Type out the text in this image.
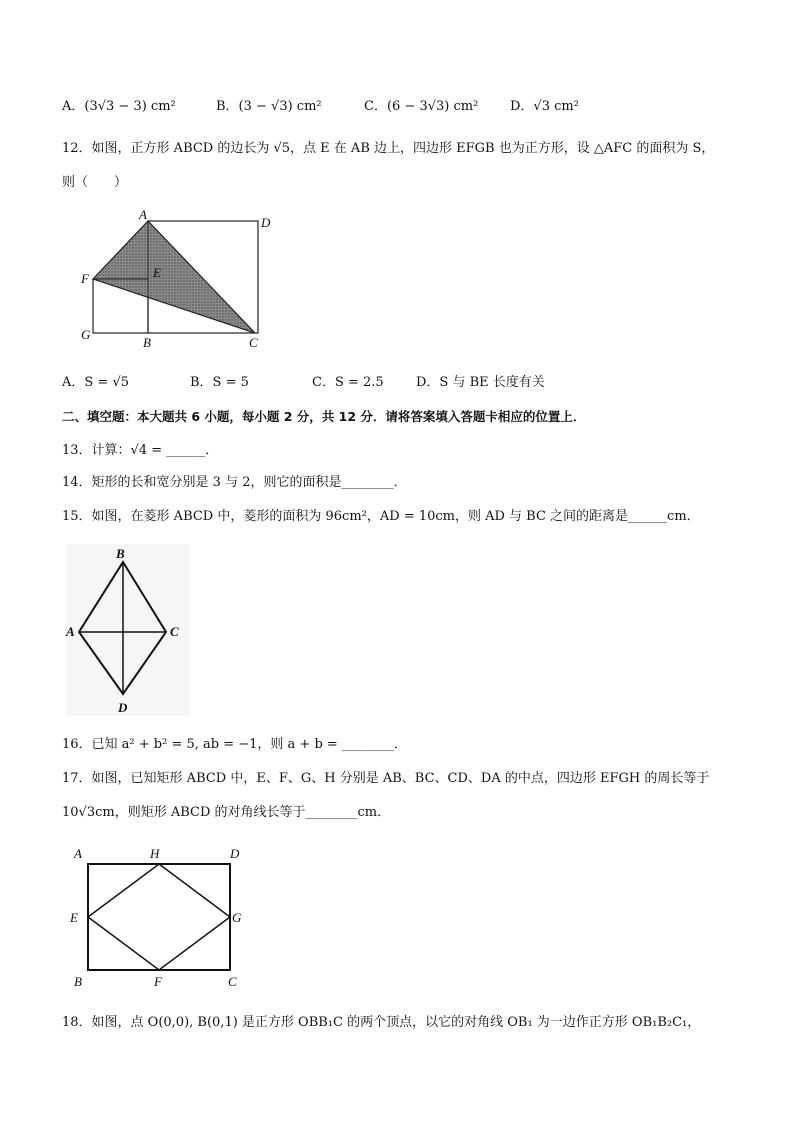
A．(3√3 − 3) cm²	B．(3 − √3) cm²	C．(6 − 3√3) cm² D．√3 cm²
12．如图，正方形 ABCD 的边长为 √5，点 E 在 AB 边上，四边形 EFGB 也为正方形，设 △AFC 的面积为 S，
则（　　）
A
D
F	E
G
B	C
A．S = √5	B．S = 5	C．S = 2.5 D．S 与 BE 长度有关
二、填空题：本大题共 6 小题，每小题 2 分，共 12 分．请将答案填入答题卡相应的位置上．
13．计算：√4 = ______．
14．矩形的长和宽分别是 3 与 2，则它的面积是________．
15．如图，在菱形 ABCD 中，菱形的面积为 96cm²，AD = 10cm，则 AD 与 BC 之间的距离是______cm．
B
A	C
D
16．已知 a² + b² = 5, ab = −1，则 a + b = ________．
17．如图，已知矩形 ABCD 中，E、F、G、H 分别是 AB、BC、CD、DA 的中点，四边形 EFGH 的周长等于
10√3cm，则矩形 ABCD 的对角线长等于________cm．
A	H	D
E	G
B	F	C
18．如图，点 O(0,0), B(0,1) 是正方形 OBB₁C 的两个顶点，以它的对角线 OB₁ 为一边作正方形 OB₁B₂C₁，
